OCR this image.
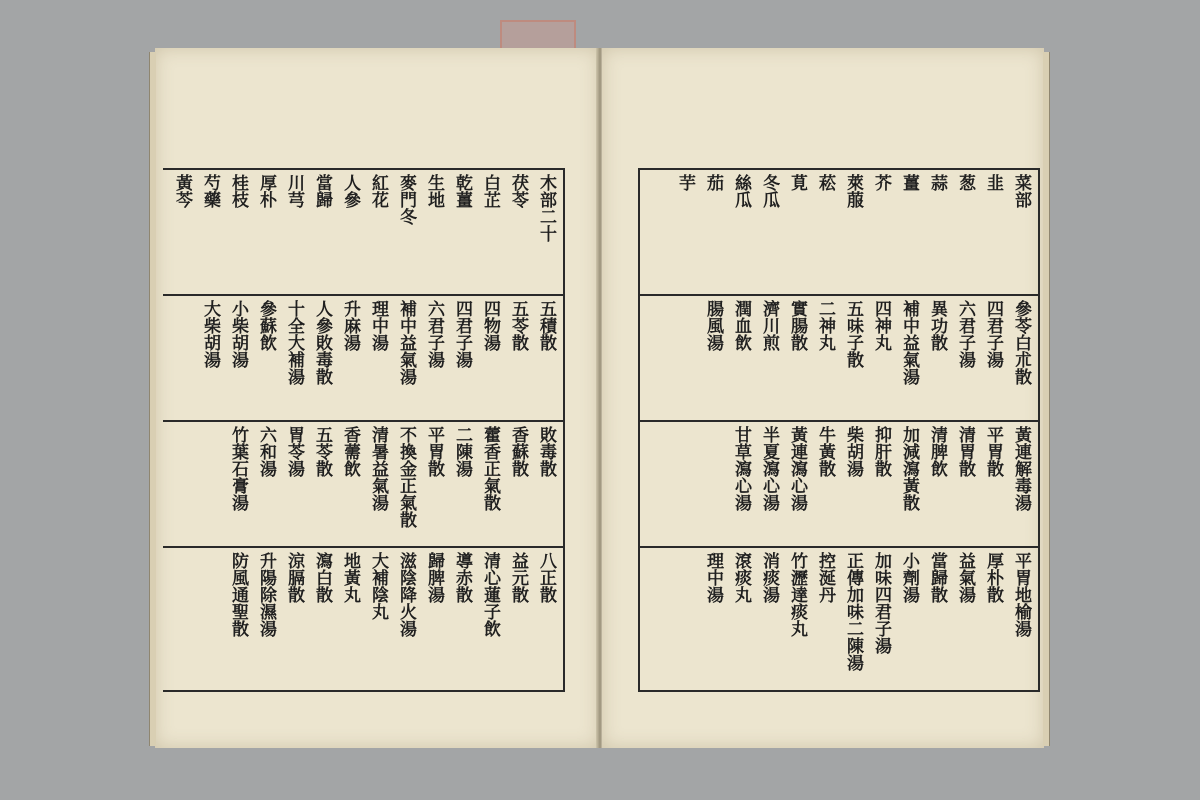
木部二十
茯苓
白芷
乾薑
生地
麥門冬
紅花
人參
當歸
川芎
厚朴
桂枝
芍藥
黃芩
五積散
五苓散
四物湯
四君子湯
六君子湯
補中益氣湯
理中湯
升麻湯
人參敗毒散
十全大補湯
參蘇飲
小柴胡湯
大柴胡湯
敗毒散
香蘇散
藿香正氣散
二陳湯
平胃散
不換金正氣散
清暑益氣湯
香薷飲
五苓散
胃苓湯
六和湯
竹葉石膏湯
八正散
益元散
清心蓮子飲
導赤散
歸脾湯
滋陰降火湯
大補陰丸
地黃丸
瀉白散
涼膈散
升陽除濕湯
防風通聖散
菜部
韭
葱
蒜
薑
芥
萊菔
菘
莧
冬瓜
絲瓜
茄
芋
參苓白朮散
四君子湯
六君子湯
異功散
補中益氣湯
四神丸
五味子散
二神丸
實腸散
濟川煎
潤血飲
腸風湯
黃連解毒湯
平胃散
清胃散
清脾飲
加減瀉黃散
抑肝散
柴胡湯
牛黃散
黃連瀉心湯
半夏瀉心湯
甘草瀉心湯
平胃地榆湯
厚朴散
益氣湯
當歸散
小劑湯
加味四君子湯
正傳加味二陳湯
控涎丹
竹瀝達痰丸
消痰湯
滾痰丸
理中湯
